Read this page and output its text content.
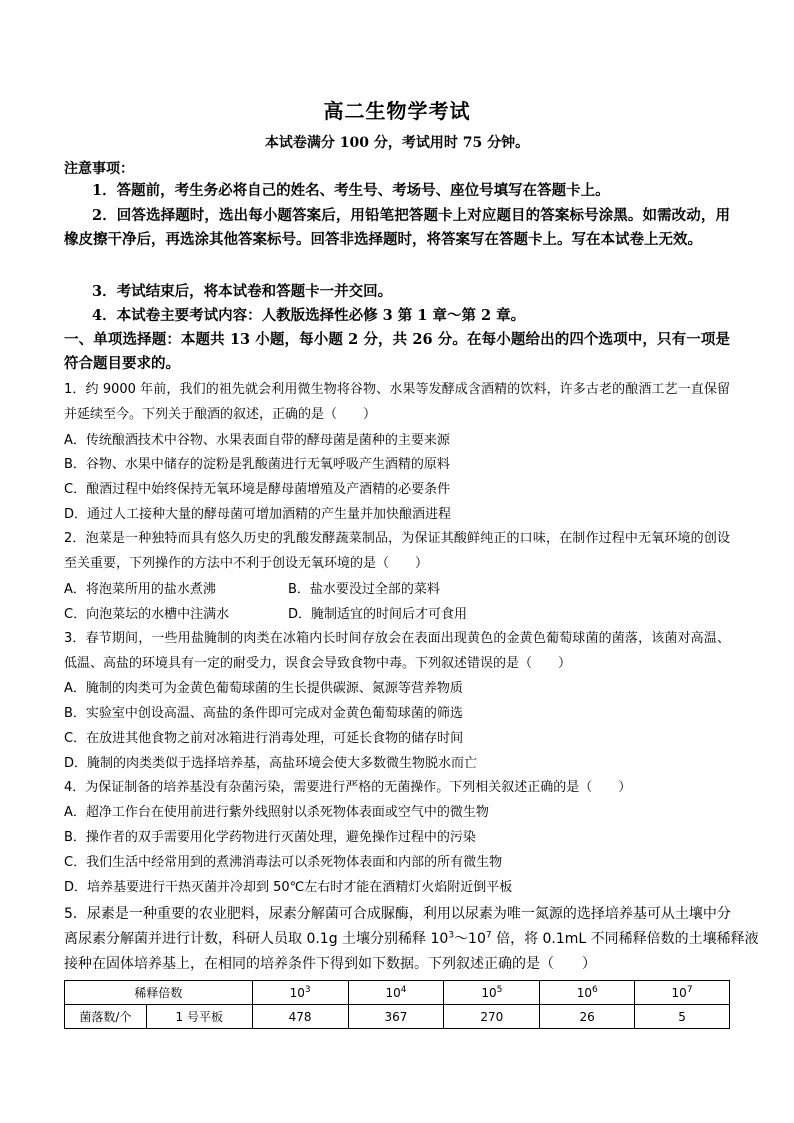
高二生物学考试
本试卷满分 100 分，考试用时 75 分钟。
注意事项：
1．答题前，考生务必将自己的姓名、考生号、考场号、座位号填写在答题卡上。
2．回答选择题时，选出每小题答案后，用铅笔把答题卡上对应题目的答案标号涂黑。如需改动，用橡皮擦干净后，再选涂其他答案标号。回答非选择题时，将答案写在答题卡上。写在本试卷上无效。
3．考试结束后，将本试卷和答题卡一并交回。
4．本试卷主要考试内容：人教版选择性必修 3 第 1 章～第 2 章。
一、单项选择题：本题共 13 小题，每小题 2 分，共 26 分。在每小题给出的四个选项中，只有一项是符合题目要求的。
1．约 9000 年前，我们的祖先就会利用微生物将谷物、水果等发酵成含酒精的饮料，许多古老的酿酒工艺一直保留并延续至今。下列关于酿酒的叙述，正确的是（　　）
A．传统酿酒技术中谷物、水果表面自带的酵母菌是菌种的主要来源
B．谷物、水果中储存的淀粉是乳酸菌进行无氧呼吸产生酒精的原料
C．酿酒过程中始终保持无氧环境是酵母菌增殖及产酒精的必要条件
D．通过人工接种大量的酵母菌可增加酒精的产生量并加快酿酒进程
2．泡菜是一种独特而具有悠久历史的乳酸发酵蔬菜制品，为保证其酸鲜纯正的口味，在制作过程中无氧环境的创设至关重要，下列操作的方法中不利于创设无氧环境的是（　　）
A．将泡菜所用的盐水煮沸	B．盐水要没过全部的菜料
C．向泡菜坛的水槽中注满水	D．腌制适宜的时间后才可食用
3．春节期间，一些用盐腌制的肉类在冰箱内长时间存放会在表面出现黄色的金黄色葡萄球菌的菌落，该菌对高温、低温、高盐的环境具有一定的耐受力，误食会导致食物中毒。下列叙述错误的是（　　）
A．腌制的肉类可为金黄色葡萄球菌的生长提供碳源、氮源等营养物质
B．实验室中创设高温、高盐的条件即可完成对金黄色葡萄球菌的筛选
C．在放进其他食物之前对冰箱进行消毒处理，可延长食物的储存时间
D．腌制的肉类类似于选择培养基，高盐环境会使大多数微生物脱水而亡
4．为保证制备的培养基没有杂菌污染，需要进行严格的无菌操作。下列相关叙述正确的是（　　）
A．超净工作台在使用前进行紫外线照射以杀死物体表面或空气中的微生物
B．操作者的双手需要用化学药物进行灭菌处理，避免操作过程中的污染
C．我们生活中经常用到的煮沸消毒法可以杀死物体表面和内部的所有微生物
D．培养基要进行干热灭菌并冷却到 50℃左右时才能在酒精灯火焰附近倒平板
5．尿素是一种重要的农业肥料，尿素分解菌可合成脲酶，利用以尿素为唯一氮源的选择培养基可从土壤中分
离尿素分解菌并进行计数，科研人员取 0.1g 土壤分别稀释 $10^3\sim 10^7$ 倍，将 0.1mL 不同稀释倍数的土壤稀释液
接种在固体培养基上，在相同的培养条件下得到如下数据。下列叙述正确的是（　　）
稀释倍数		$10^3$	$10^4$	$10^5$	$10^6$	$10^7$
菌落数/个	1 号平板	478	367	270	26	5
